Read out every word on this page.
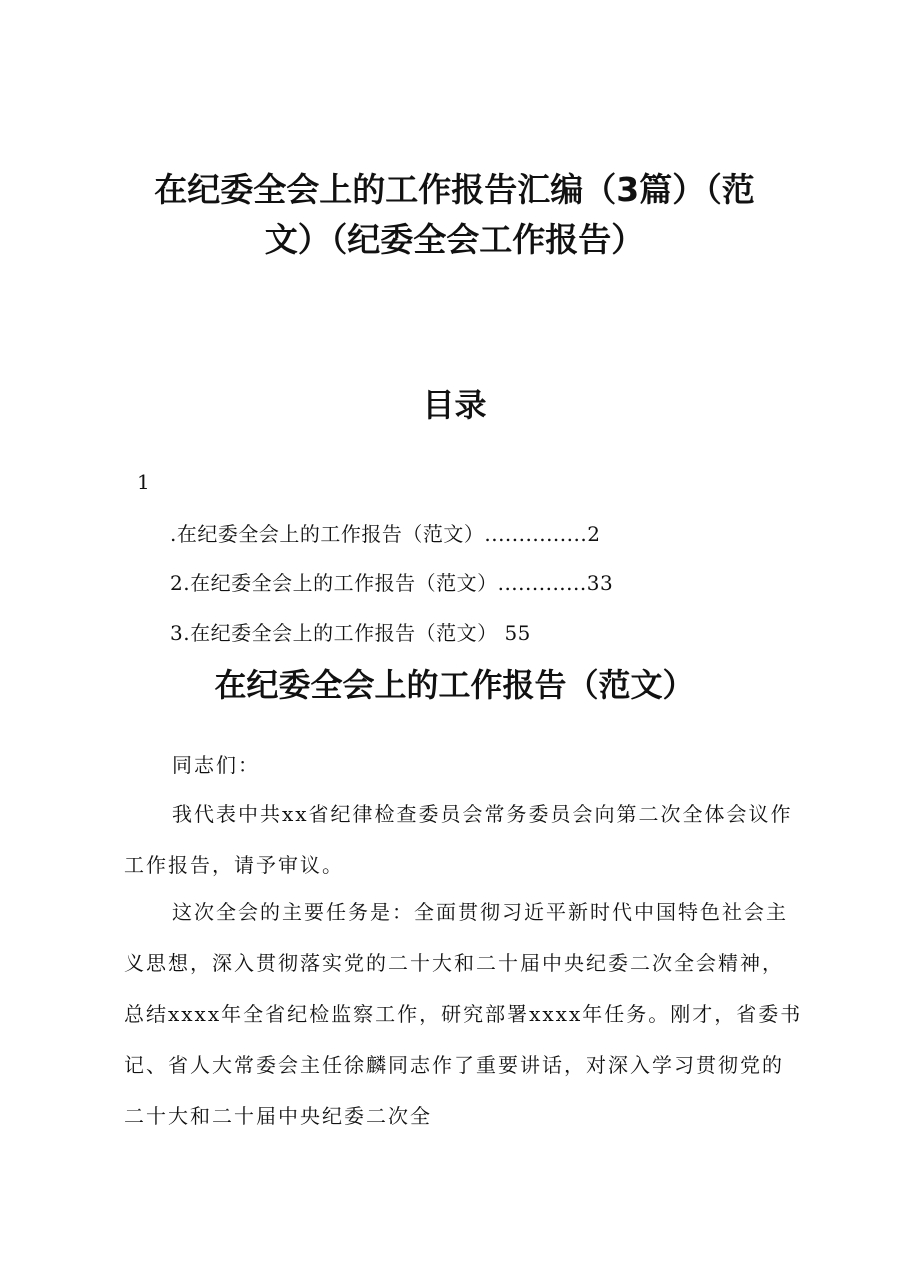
在纪委全会上的工作报告汇编（3篇）（范
文）（纪委全会工作报告）
目录
1
.在纪委全会上的工作报告（范文）...............2
2.在纪委全会上的工作报告（范文）.............33
3.在纪委全会上的工作报告（范文） 55
在纪委全会上的工作报告（范文）
同志们：
我代表中共xx省纪律检查委员会常务委员会向第二次全体会议作工作报告，请予审议。
这次全会的主要任务是：全面贯彻习近平新时代中国特色社会主义思想，深入贯彻落实党的二十大和二十届中央纪委二次全会精神，总结xxxx年全省纪检监察工作，研究部署xxxx年任务。刚才，省委书记、省人大常委会主任徐麟同志作了重要讲话，对深入学习贯彻党的二十大和二十届中央纪委二次全
